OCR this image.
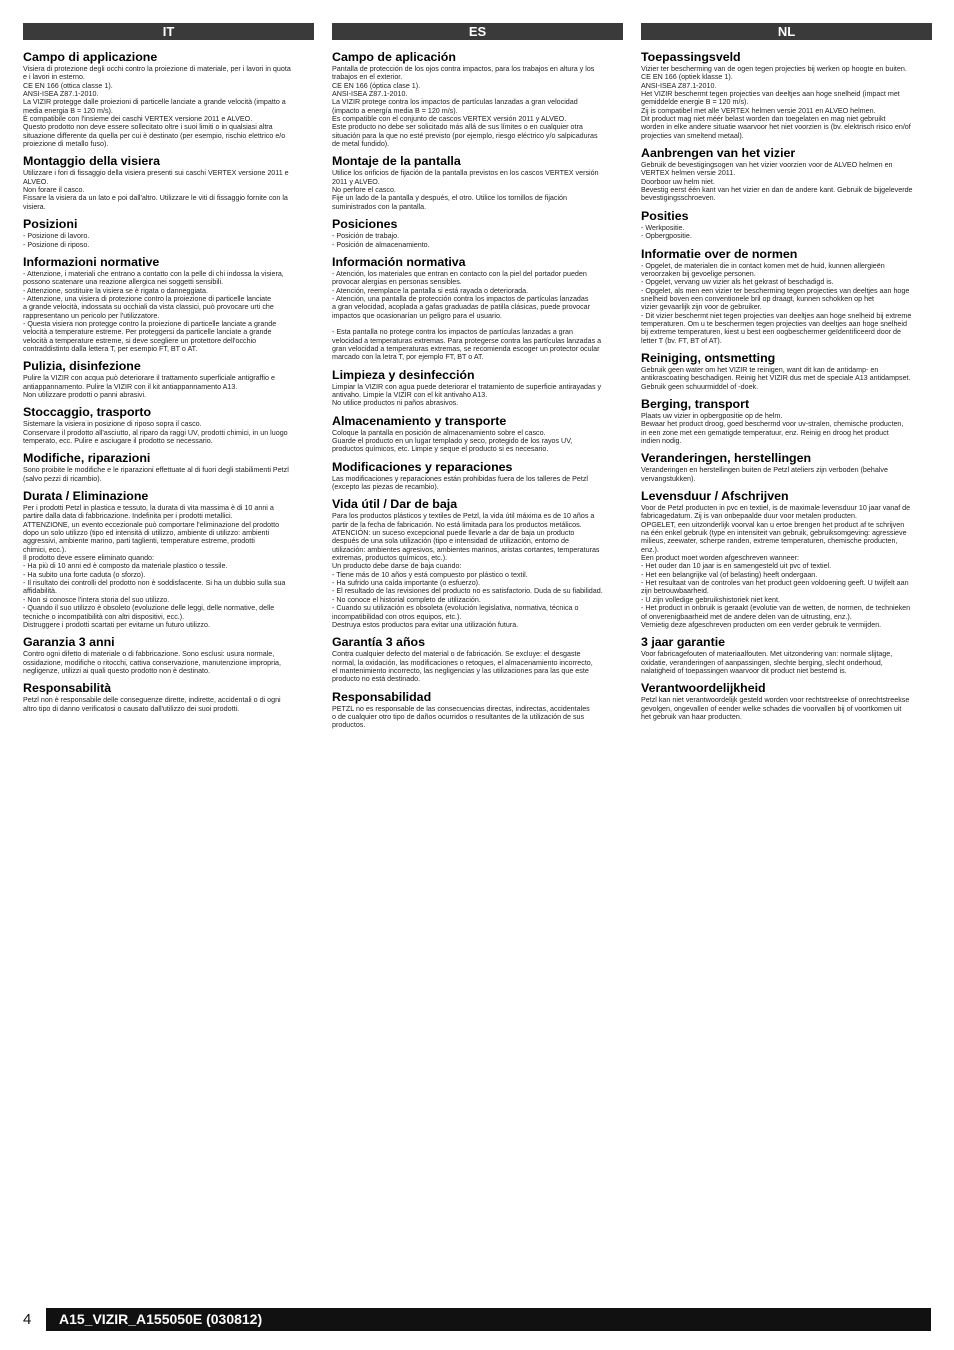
IT
Campo di applicazione

Visiera di protezione degli occhi contro la proiezione di materiale, per i lavori in quota
e i lavori in esterno.
CE EN 166 (ottica classe 1).
ANSI-ISEA Z87.1-2010.
La VIZIR protegge dalle proiezioni di particelle lanciate a grande velocità (impatto a
media energia B = 120 m/s).
È compatibile con l'insieme dei caschi VERTEX versione 2011 e ALVEO.
Questo prodotto non deve essere sollecitato oltre i suoi limiti o in qualsiasi altra
situazione differente da quella per cui è destinato (per esempio, rischio elettrico e/o
proiezione di metallo fuso).

Montaggio della visiera

Utilizzare i fori di fissaggio della visiera presenti sui caschi VERTEX versione 2011 e
ALVEO.
Non forare il casco.
Fissare la visiera da un lato e poi dall'altro. Utilizzare le viti di fissaggio fornite con la
visiera.

Posizioni

- Posizione di lavoro.
- Posizione di riposo.

Informazioni normative

- Attenzione, i materiali che entrano a contatto con la pelle di chi indossa la visiera,
possono scatenare una reazione allergica nei soggetti sensibili.
- Attenzione, sostituire la visiera se è rigata o danneggiata.
- Attenzione, una visiera di protezione contro la proiezione di particelle lanciate
a grande velocità, indossata su occhiali da vista classici, può provocare urti che
rappresentano un pericolo per l'utilizzatore.
- Questa visiera non protegge contro la proiezione di particelle lanciate a grande
velocità a temperature estreme. Per proteggersi da particelle lanciate a grande
velocità a temperature estreme, si deve scegliere un protettore dell'occhio
contraddistinto dalla lettera T, per esempio FT, BT o AT.

Pulizia, disinfezione

Pulire la VIZIR con acqua può deteriorare il trattamento superficiale antigraffio e
antiappannamento. Pulire la VIZIR con il kit antiappannamento A13.
Non utilizzare prodotti o panni abrasivi.

Stoccaggio, trasporto

Sistemare la visiera in posizione di riposo sopra il casco.
Conservare il prodotto all'asciutto, al riparo da raggi UV, prodotti chimici, in un luogo
temperato, ecc. Pulire e asciugare il prodotto se necessario.

Modifiche, riparazioni

Sono proibite le modifiche e le riparazioni effettuate al di fuori degli stabilimenti Petzl
(salvo pezzi di ricambio).

Durata / Eliminazione

Per i prodotti Petzl in plastica e tessuto, la durata di vita massima è di 10 anni a
partire dalla data di fabbricazione. Indefinita per i prodotti metallici.
ATTENZIONE, un evento eccezionale può comportare l'eliminazione del prodotto
dopo un solo utilizzo (tipo ed intensità di utilizzo, ambiente di utilizzo: ambienti
aggressivi, ambiente marino, parti taglienti, temperature estreme, prodotti
chimici, ecc.).
Il prodotto deve essere eliminato quando:
- Ha più di 10 anni ed è composto da materiale plastico o tessile.
- Ha subito una forte caduta (o sforzo).
- Il risultato dei controlli del prodotto non è soddisfacente. Si ha un dubbio sulla sua
affidabilità.
- Non si conosce l'intera storia del suo utilizzo.
- Quando il suo utilizzo è obsoleto (evoluzione delle leggi, delle normative, delle
tecniche o incompatibilità con altri dispositivi, ecc.).
Distruggere i prodotti scartati per evitarne un futuro utilizzo.

Garanzia 3 anni

Contro ogni difetto di materiale o di fabbricazione. Sono esclusi: usura normale,
ossidazione, modifiche o ritocchi, cattiva conservazione, manutenzione impropria,
negligenze, utilizzi ai quali questo prodotto non è destinato.

Responsabilità

Petzl non è responsabile delle conseguenze dirette, indirette, accidentali o di ogni
altro tipo di danno verificatosi o causato dall'utilizzo dei suoi prodotti.

ES
Campo de aplicación

Pantalla de protección de los ojos contra impactos, para los trabajos en altura y los
trabajos en el exterior.
CE EN 166 (óptica clase 1).
ANSI-ISEA Z87.1-2010.
La VIZIR protege contra los impactos de partículas lanzadas a gran velocidad
(impacto a energía media B = 120 m/s).
Es compatible con el conjunto de cascos VERTEX versión 2011 y ALVEO.
Este producto no debe ser solicitado más allá de sus límites o en cualquier otra
situación para la que no esté previsto (por ejemplo, riesgo eléctrico y/o salpicaduras
de metal fundido).

Montaje de la pantalla

Utilice los orificios de fijación de la pantalla previstos en los cascos VERTEX versión
2011 y ALVEO.
No perfore el casco.
Fije un lado de la pantalla y después, el otro. Utilice los tornillos de fijación
suministrados con la pantalla.

Posiciones

- Posición de trabajo.
- Posición de almacenamiento.

Información normativa

- Atención, los materiales que entran en contacto con la piel del portador pueden
provocar alergias en personas sensibles.
- Atención, reemplace la pantalla si está rayada o deteriorada.
- Atención, una pantalla de protección contra los impactos de partículas lanzadas
a gran velocidad, acoplada a gafas graduadas de patilla clásicas, puede provocar
impactos que ocasionarían un peligro para el usuario.

- Esta pantalla no protege contra los impactos de partículas lanzadas a gran
velocidad a temperaturas extremas. Para protegerse contra las partículas lanzadas a
gran velocidad a temperaturas extremas, se recomienda escoger un protector ocular
marcado con la letra T, por ejemplo FT, BT o AT.

Limpieza y desinfección

Limpiar la VIZIR con agua puede deteriorar el tratamiento de superficie antirayadas y
antivaho. Limpie la VIZIR con el kit antivaho A13.
No utilice productos ni paños abrasivos.

Almacenamiento y transporte

Coloque la pantalla en posición de almacenamiento sobre el casco.
Guarde el producto en un lugar templado y seco, protegido de los rayos UV,
productos químicos, etc. Limpie y seque el producto si es necesario.

Modificaciones y reparaciones

Las modificaciones y reparaciones están prohibidas fuera de los talleres de Petzl
(excepto las piezas de recambio).

Vida útil / Dar de baja

Para los productos plásticos y textiles de Petzl, la vida útil máxima es de 10 años a
partir de la fecha de fabricación. No está limitada para los productos metálicos.
ATENCIÓN: un suceso excepcional puede llevarle a dar de baja un producto
después de una sola utilización (tipo e intensidad de utilización, entorno de
utilización: ambientes agresivos, ambientes marinos, aristas cortantes, temperaturas
extremas, productos químicos, etc.).
Un producto debe darse de baja cuando:
- Tiene más de 10 años y está compuesto por plástico o textil.
- Ha sufrido una caída importante (o esfuerzo).
- El resultado de las revisiones del producto no es satisfactorio. Duda de su fiabilidad.
- No conoce el historial completo de utilización.
- Cuando su utilización es obsoleta (evolución legislativa, normativa, técnica o
incompatibilidad con otros equipos, etc.).
Destruya estos productos para evitar una utilización futura.

Garantía 3 años

Contra cualquier defecto del material o de fabricación. Se excluye: el desgaste
normal, la oxidación, las modificaciones o retoques, el almacenamiento incorrecto,
el mantenimiento incorrecto, las negligencias y las utilizaciones para las que este
producto no está destinado.

Responsabilidad

PETZL no es responsable de las consecuencias directas, indirectas, accidentales
o de cualquier otro tipo de daños ocurridos o resultantes de la utilización de sus
productos.

NL
Toepassingsveld

Vizier ter bescherming van de ogen tegen projecties bij werken op hoogte en buiten.
CE EN 166 (optiek klasse 1).
ANSI-ISEA Z87.1-2010.
Het VIZIR beschermt tegen projecties van deeltjes aan hoge snelheid (impact met
gemiddelde energie B = 120 m/s).
Zij is compatibel met alle VERTEX helmen versie 2011 en ALVEO helmen.
Dit product mag niet méér belast worden dan toegelaten en mag niet gebruikt
worden in elke andere situatie waarvoor het niet voorzien is (bv. elektrisch risico en/of
projecties van smeltend metaal).

Aanbrengen van het vizier

Gebruik de bevestigingsogen van het vizier voorzien voor de ALVEO helmen en
VERTEX helmen versie 2011.
Doorboor uw helm niet.
Bevestig eerst één kant van het vizier en dan de andere kant. Gebruik de bijgeleverde
bevestigingsschroeven.

Posities

- Werkpositie.
- Opbergpositie.

Informatie over de normen

- Opgelet, de materialen die in contact komen met de huid, kunnen allergieën
veroorzaken bij gevoelige personen.
- Opgelet, vervang uw vizier als het gekrast of beschadigd is.
- Opgelet, als men een vizier ter bescherming tegen projecties van deeltjes aan hoge
snelheid boven een conventionele bril op draagt, kunnen schokken op het
vizier gevaarlijk zijn voor de gebruiker.
- Dit vizier beschermt niet tegen projecties van deeltjes aan hoge snelheid bij extreme
temperaturen. Om u te beschermen tegen projecties van deeltjes aan hoge snelheid
bij extreme temperaturen, kiest u best een oogbeschermer geïdentificeerd door de
letter T (bv. FT, BT of AT).

Reiniging, ontsmetting

Gebruik geen water om het VIZIR te reinigen, want dit kan de antidamp- en
antikrascoating beschadigen. Reinig het VIZIR dus met de speciale A13 antidampset.
Gebruik geen schuurmiddel of -doek.

Berging, transport

Plaats uw vizier in opbergpositie op de helm.
Bewaar het product droog, goed beschermd voor uv-stralen, chemische producten,
in een zone met een gematigde temperatuur, enz. Reinig en droog het product
indien nodig.

Veranderingen, herstellingen

Veranderingen en herstellingen buiten de Petzl ateliers zijn verboden (behalve
vervangstukken).

Levensduur / Afschrijven

Voor de Petzl producten in pvc en textiel, is de maximale levensduur 10 jaar vanaf de
fabricagedatum. Zij is van onbepaalde duur voor metalen producten.
OPGELET, een uitzonderlijk voorval kan u ertoe brengen het product af te schrijven
na één enkel gebruik (type en intensiteit van gebruik, gebruiksomgeving: agressieve
milieus, zeewater, scherpe randen, extreme temperaturen, chemische producten,
enz.).
Een product moet worden afgeschreven wanneer:
- Het ouder dan 10 jaar is en samengesteld uit pvc of textiel.
- Het een belangrijke val (of belasting) heeft ondergaan.
- Het resultaat van de controles van het product geen voldoening geeft. U twijfelt aan
zijn betrouwbaarheid.
- U zijn volledige gebruikshistoriek niet kent.
- Het product in onbruik is geraakt (evolutie van de wetten, de normen, de technieken
of onverenigbaarheid met de andere delen van de uitrusting, enz.).
Vernietig deze afgeschreven producten om een verder gebruik te vermijden.

3 jaar garantie

Voor fabricagefouten of materiaalfouten. Met uitzondering van: normale slijtage,
oxidatie, veranderingen of aanpassingen, slechte berging, slecht onderhoud,
nalatigheid of toepassingen waarvoor dit product niet bestemd is.

Verantwoordelijkheid

Petzl kan niet verantwoordelijk gesteld worden voor rechtstreekse of onrechtstreekse
gevolgen, ongevallen of eender welke schades die voorvallen bij of voortkomen uit
het gebruik van haar producten.

4	A15_VIZIR_A155050E (030812)
